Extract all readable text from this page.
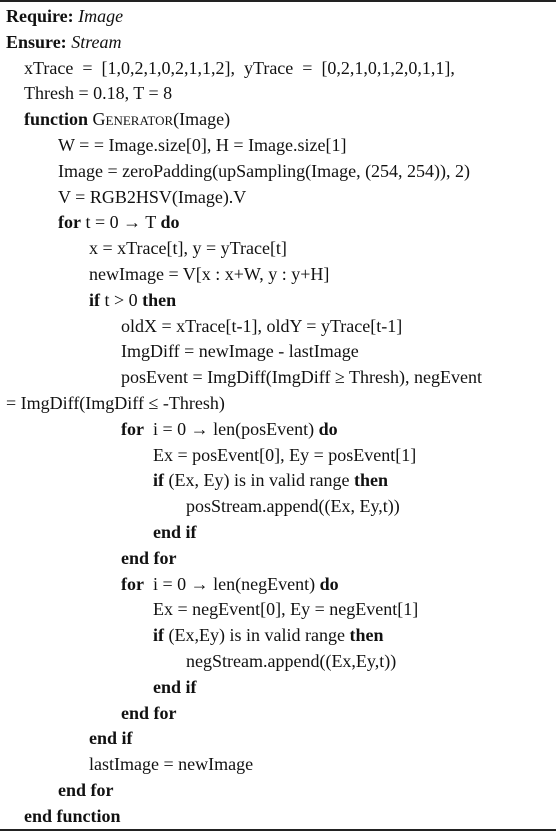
Require: Image
Ensure: Stream
xTrace  =  [1,0,2,1,0,2,1,1,2],  yTrace  =  [0,2,1,0,1,2,0,1,1],
Thresh = 0.18, T = 8
function Generator(Image)
W = = Image.size[0], H = Image.size[1]
Image = zeroPadding(upSampling(Image, (254, 254)), 2)
V = RGB2HSV(Image).V
for t = 0 → T do
x = xTrace[t], y = yTrace[t]
newImage = V[x : x+W, y : y+H]
if t > 0 then
oldX = xTrace[t-1], oldY = yTrace[t-1]
ImgDiff = newImage - lastImage
posEvent = ImgDiff(ImgDiff ≥ Thresh), negEvent
= ImgDiff(ImgDiff ≤ -Thresh)
for  i = 0 → len(posEvent) do
Ex = posEvent[0], Ey = posEvent[1]
if (Ex, Ey) is in valid range then
posStream.append((Ex, Ey,t))
end if
end for
for  i = 0 → len(negEvent) do
Ex = negEvent[0], Ey = negEvent[1]
if (Ex,Ey) is in valid range then
negStream.append((Ex,Ey,t))
end if
end for
end if
lastImage = newImage
end for
end function
